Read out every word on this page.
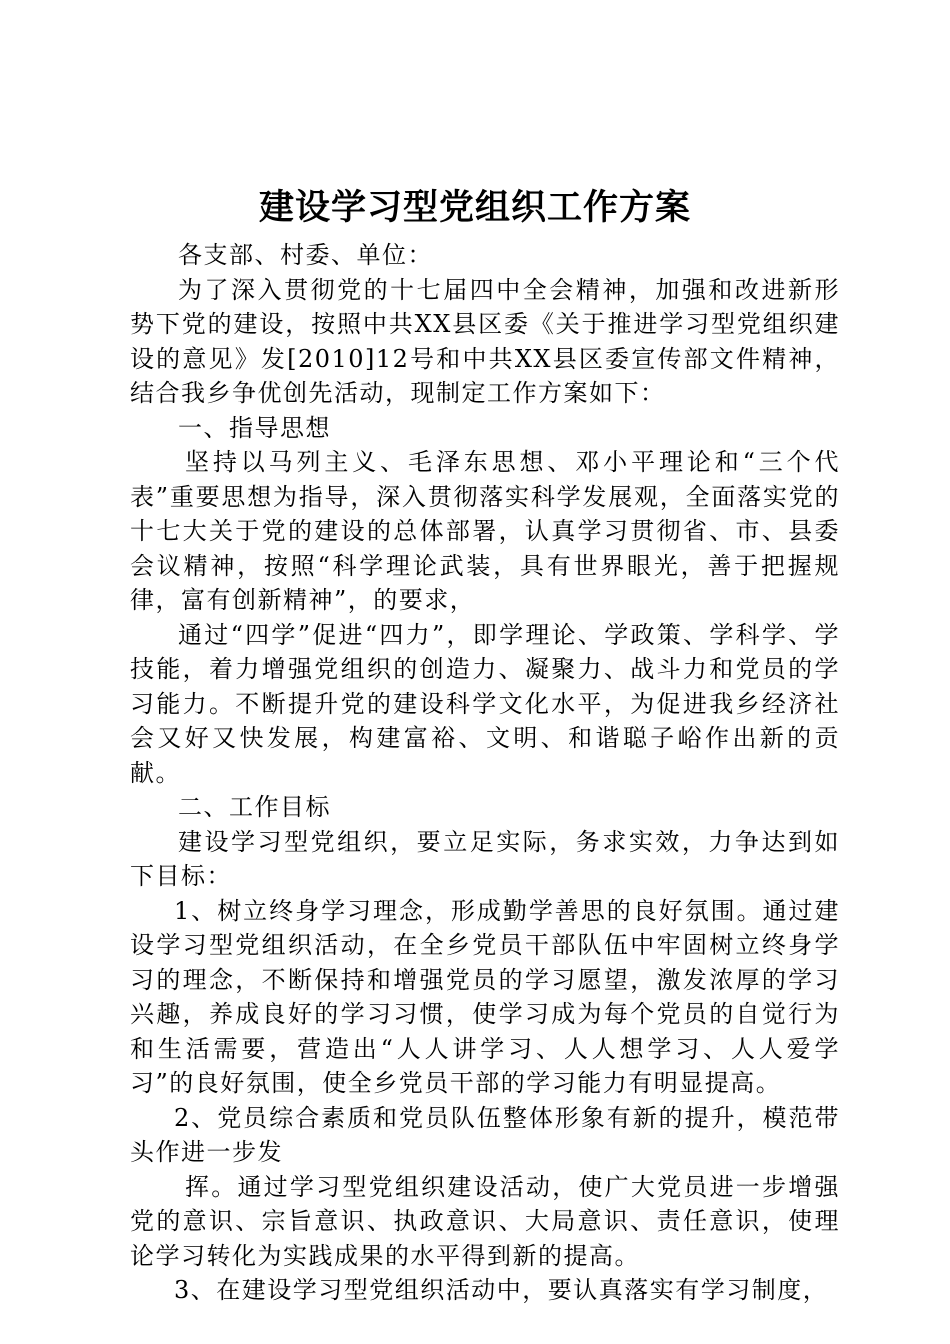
建设学习型党组织工作方案

各支部、村委、单位：

为了深入贯彻党的十七届四中全会精神，加强和改进新形势下党的建设，按照中共XX县区委《关于推进学习型党组织建设的意见》发[2010]12号和中共XX县区委宣传部文件精神，结合我乡争优创先活动，现制定工作方案如下：

一、指导思想

坚持以马列主义、毛泽东思想、邓小平理论和“三个代表”重要思想为指导，深入贯彻落实科学发展观，全面落实党的十七大关于党的建设的总体部署，认真学习贯彻省、市、县委会议精神，按照“科学理论武装，具有世界眼光，善于把握规律，富有创新精神”，的要求，

通过“四学”促进“四力”，即学理论、学政策、学科学、学技能，着力增强党组织的创造力、凝聚力、战斗力和党员的学习能力。不断提升党的建设科学文化水平，为促进我乡经济社会又好又快发展，构建富裕、文明、和谐聪子峪作出新的贡献。

二、工作目标

建设学习型党组织，要立足实际，务求实效，力争达到如下目标：

1、树立终身学习理念，形成勤学善思的良好氛围。通过建设学习型党组织活动，在全乡党员干部队伍中牢固树立终身学习的理念，不断保持和增强党员的学习愿望，激发浓厚的学习兴趣，养成良好的学习习惯，使学习成为每个党员的自觉行为和生活需要，营造出“人人讲学习、人人想学习、人人爱学习”的良好氛围，使全乡党员干部的学习能力有明显提高。

2、党员综合素质和党员队伍整体形象有新的提升，模范带头作进一步发

挥。通过学习型党组织建设活动，使广大党员进一步增强党的意识、宗旨意识、执政意识、大局意识、责任意识，使理论学习转化为实践成果的水平得到新的提高。

3、在建设学习型党组织活动中，要认真落实有学习制度，
